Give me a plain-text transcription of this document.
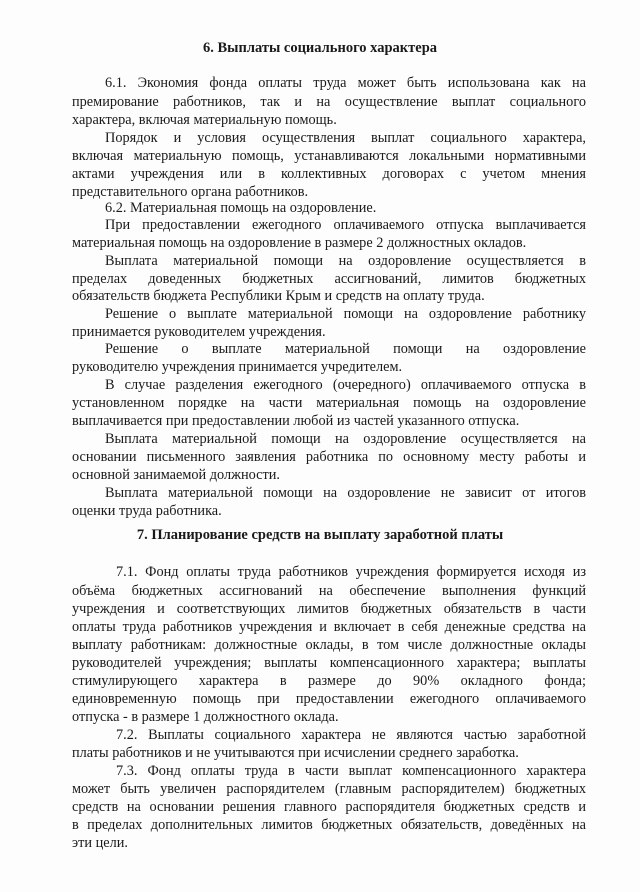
6. Выплаты социального характера
6.1. Экономия фонда оплаты труда может быть использована как на
премирование работников, так и на осуществление выплат социального
характера, включая материальную помощь.
Порядок и условия осуществления выплат социального характера,
включая материальную помощь, устанавливаются локальными нормативными
актами учреждения или в коллективных договорах с учетом мнения
представительного органа работников.
6.2. Материальная помощь на оздоровление.
При предоставлении ежегодного оплачиваемого отпуска выплачивается
материальная помощь на оздоровление в размере 2 должностных окладов.
Выплата материальной помощи на оздоровление осуществляется в
пределах доведенных бюджетных ассигнований, лимитов бюджетных
обязательств бюджета Республики Крым и средств на оплату труда.
Решение о выплате материальной помощи на оздоровление работнику
принимается руководителем учреждения.
Решение о выплате материальной помощи на оздоровление
руководителю учреждения принимается учредителем.
В случае разделения ежегодного (очередного) оплачиваемого отпуска в
установленном порядке на части материальная помощь на оздоровление
выплачивается при предоставлении любой из частей указанного отпуска.
Выплата материальной помощи на оздоровление осуществляется на
основании письменного заявления работника по основному месту работы и
основной занимаемой должности.
Выплата материальной помощи на оздоровление не зависит от итогов
оценки труда работника.
7. Планирование средств на выплату заработной платы
7.1. Фонд оплаты труда работников учреждения формируется исходя из
объёма бюджетных ассигнований на обеспечение выполнения функций
учреждения и соответствующих лимитов бюджетных обязательств в части
оплаты труда работников учреждения и включает в себя денежные средства на
выплату работникам: должностные оклады, в том числе должностные оклады
руководителей учреждения; выплаты компенсационного характера; выплаты
стимулирующего характера в размере до 90% окладного фонда;
единовременную помощь при предоставлении ежегодного оплачиваемого
отпуска - в размере 1 должностного оклада.
7.2. Выплаты социального характера не являются частью заработной
платы работников и не учитываются при исчислении среднего заработка.
7.3. Фонд оплаты труда в части выплат компенсационного характера
может быть увеличен распорядителем (главным распорядителем) бюджетных
средств на основании решения главного распорядителя бюджетных средств и
в пределах дополнительных лимитов бюджетных обязательств, доведённых на
эти цели.
